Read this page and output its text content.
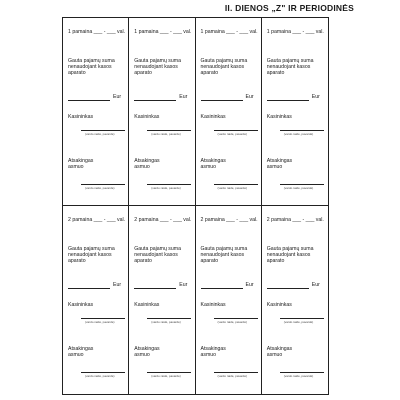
II. DIENOS „Z" IR PERIODINĖS
1 pamaina ___ - ___ val.
Gauta pajamų suma nenaudojant kasos aparato
Eur
Kasininkas
(vardo raidė, pavardė)
Atsakingas
asmuo
(vardo raidė, pavardė)
1 pamaina ___ - ___ val.
Gauta pajamų suma nenaudojant kasos aparato
Eur
Kasininkas
(vardo raidė, pavardė)
Atsakingas
asmuo
(vardo raidė, pavardė)
1 pamaina ___ - ___ val.
Gauta pajamų suma nenaudojant kasos aparato
Eur
Kasininkas
(vardo raidė, pavardė)
Atsakingas
asmuo
(vardo raidė, pavardė)
1 pamaina ___ - ___ val.
Gauta pajamų suma nenaudojant kasos aparato
Eur
Kasininkas
(vardo raidė, pavardė)
Atsakingas
asmuo
(vardo raidė, pavardė)
2 pamaina ___ - ___ val.
Gauta pajamų suma nenaudojant kasos aparato
Eur
Kasininkas
(vardo raidė, pavardė)
Atsakingas
asmuo
(vardo raidė, pavardė)
2 pamaina ___ - ___ val.
Gauta pajamų suma nenaudojant kasos aparato
Eur
Kasininkas
(vardo raidė, pavardė)
Atsakingas
asmuo
(vardo raidė, pavardė)
2 pamaina ___ - ___ val.
Gauta pajamų suma nenaudojant kasos aparato
Eur
Kasininkas
(vardo raidė, pavardė)
Atsakingas
asmuo
(vardo raidė, pavardė)
2 pamaina ___ - ___ val.
Gauta pajamų suma nenaudojant kasos aparato
Eur
Kasininkas
(vardo raidė, pavardė)
Atsakingas
asmuo
(vardo raidė, pavardė)
